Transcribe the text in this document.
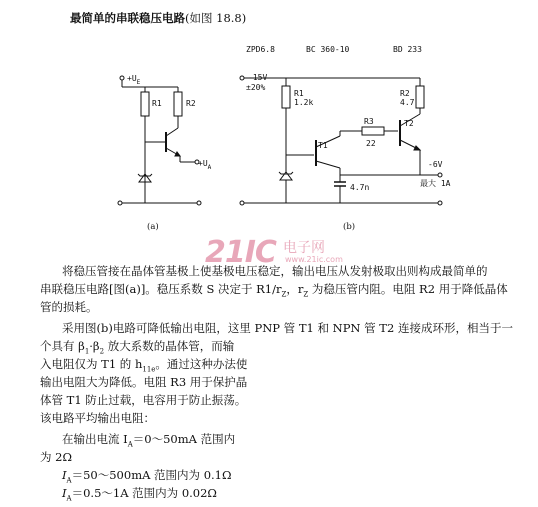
最简单的串联稳压电路(如图 18.8)
$+U_E$
R1	R2
$+U_A$
(a)
ZPD6.8	BC 360-10	BD 233
-15V
±20%
R1
1.2k
R2
4.7
T1
R3
22
T2
-6V
最大 1A
4.7n
(b)
21IC 电子网
www.21ic.com

将稳压管接在晶体管基极上使基极电压稳定，输出电压从发射极取出则构成最简单的

串联稳压电路[图(a)]。稳压系数 S 决定于 $R1/r_Z$，$r_Z$ 为稳压管内阻。电阻 R2 用于降低晶体

管的损耗。

采用图(b)电路可降低输出电阻，这里 PNP 管 T1 和 NPN 管 T2 连接成环形，相当于一

个具有 $\beta_1\cdot\beta_2$ 放大系数的晶体管，而输

入电阻仅为 T1 的 $h_{11e}$。通过这种办法使

输出电阻大为降低。电阻 R3 用于保护晶

体管 T1 防止过载，电容用于防止振荡。

该电路平均输出电阻：

在输出电流 $I_A=0\sim 50mA$ 范围内

为 2Ω

$I_A=50\sim 500mA$ 范围内为 0.1Ω

$I_A=0.5\sim 1A$ 范围内为 0.02Ω
